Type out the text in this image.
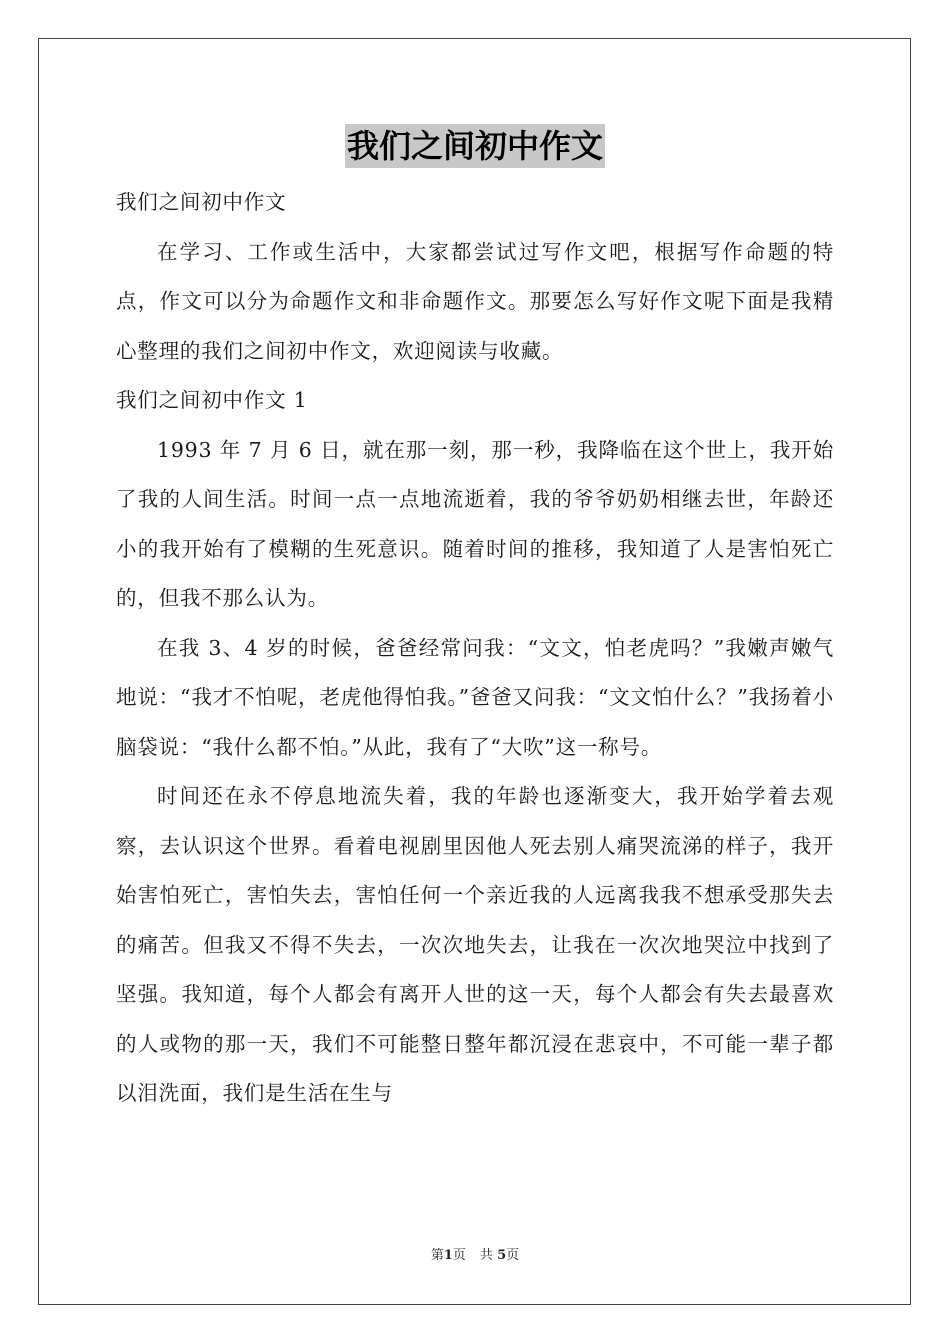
我们之间初中作文

我们之间初中作文

在学习、工作或生活中，大家都尝试过写作文吧，根据写作命题的特点，作文可以分为命题作文和非命题作文。那要怎么写好作文呢下面是我精心整理的我们之间初中作文，欢迎阅读与收藏。

我们之间初中作文 1

1993 年 7 月 6 日，就在那一刻，那一秒，我降临在这个世上，我开始了我的人间生活。时间一点一点地流逝着，我的爷爷奶奶相继去世，年龄还小的我开始有了模糊的生死意识。随着时间的推移，我知道了人是害怕死亡的，但我不那么认为。

在我 3、4 岁的时候，爸爸经常问我：“文文，怕老虎吗？”我嫩声嫩气地说：“我才不怕呢，老虎他得怕我。”爸爸又问我：“文文怕什么？”我扬着小脑袋说：“我什么都不怕。”从此，我有了“大吹”这一称号。

时间还在永不停息地流失着，我的年龄也逐渐变大，我开始学着去观察，去认识这个世界。看着电视剧里因他人死去别人痛哭流涕的样子，我开始害怕死亡，害怕失去，害怕任何一个亲近我的人远离我我不想承受那失去的痛苦。但我又不得不失去，一次次地失去，让我在一次次地哭泣中找到了坚强。我知道，每个人都会有离开人世的这一天，每个人都会有失去最喜欢的人或物的那一天，我们不可能整日整年都沉浸在悲哀中，不可能一辈子都以泪洗面，我们是生活在生与

第1页 共 5页
